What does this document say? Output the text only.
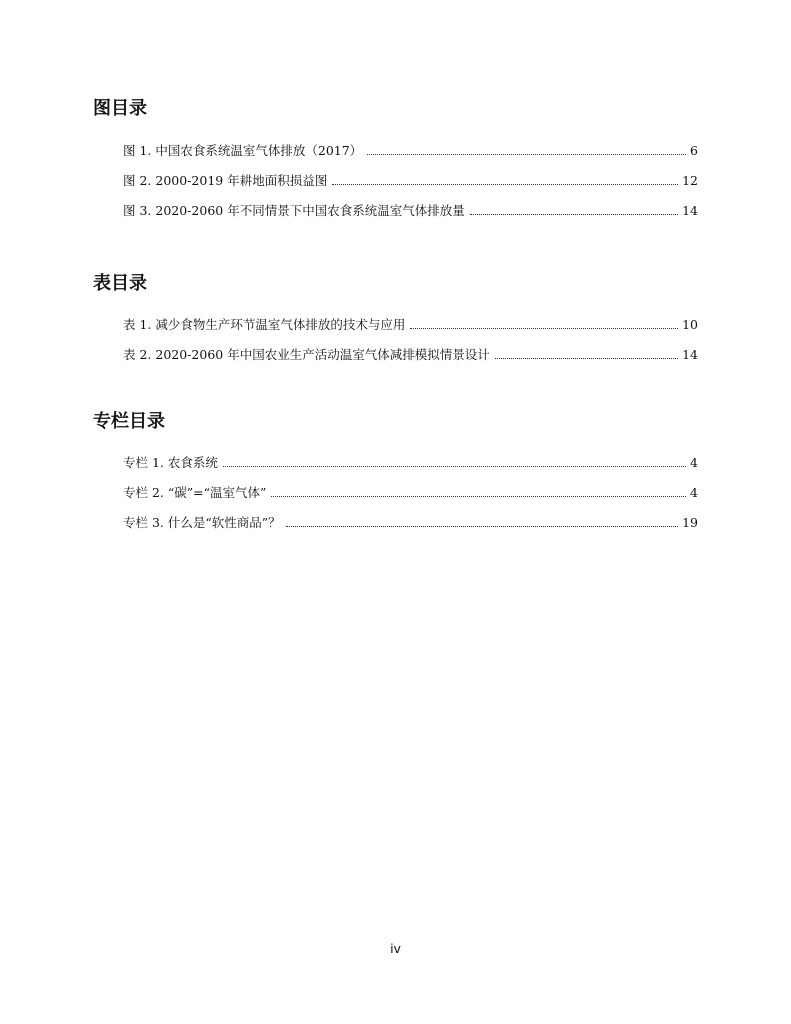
图目录
图 1. 中国农食系统温室气体排放（2017）	6
图 2. 2000-2019 年耕地面积损益图	12
图 3. 2020-2060 年不同情景下中国农食系统温室气体排放量	14
表目录
表 1. 减少食物生产环节温室气体排放的技术与应用	10
表 2. 2020-2060 年中国农业生产活动温室气体减排模拟情景设计	14
专栏目录
专栏 1. 农食系统	4
专栏 2. “碳”=“温室气体”	4
专栏 3. 什么是“软性商品”？	19
iv
